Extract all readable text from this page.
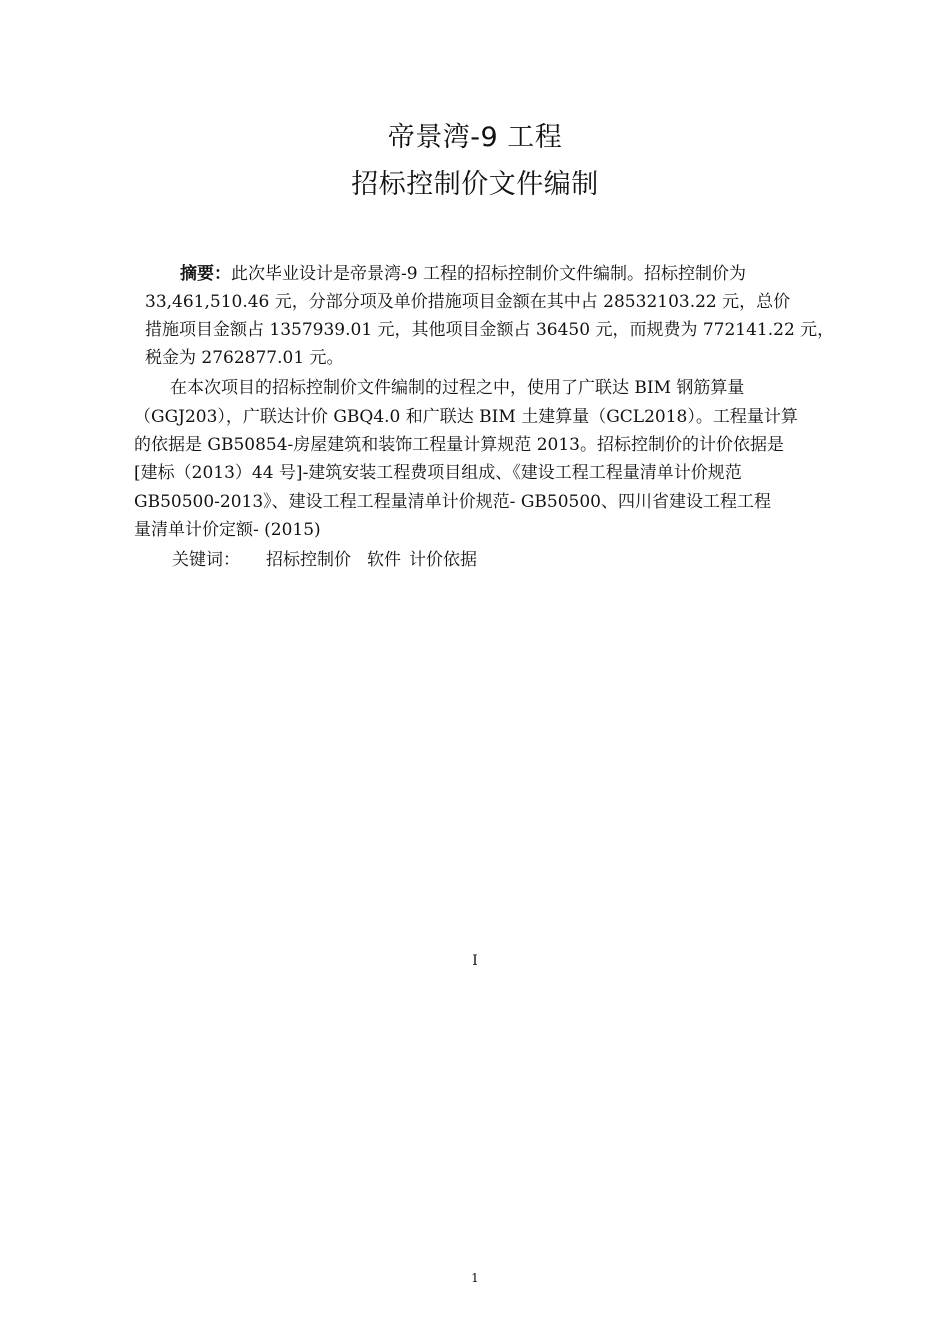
帝景湾-9 工程
招标控制价文件编制
摘要：此次毕业设计是帝景湾-9 工程的招标控制价文件编制。招标控制价为
33,461,510.46 元，分部分项及单价措施项目金额在其中占 28532103.22 元，总价
措施项目金额占 1357939.01 元，其他项目金额占 36450 元，而规费为 772141.22 元，
税金为 2762877.01 元。
在本次项目的招标控制价文件编制的过程之中，使用了广联达 BIM 钢筋算量
（GGJ203），广联达计价 GBQ4.0 和广联达 BIM 土建算量（GCL2018）。工程量计算
的依据是 GB50854-房屋建筑和装饰工程量计算规范 2013。招标控制价的计价依据是
[建标（2013）44 号]-建筑安装工程费项目组成、《建设工程工程量清单计价规范
GB50500-2013》、建设工程工程量清单计价规范- GB50500、四川省建设工程工程
量清单计价定额- (2015)
关键词： 招标控制价 软件 计价依据
I
1
